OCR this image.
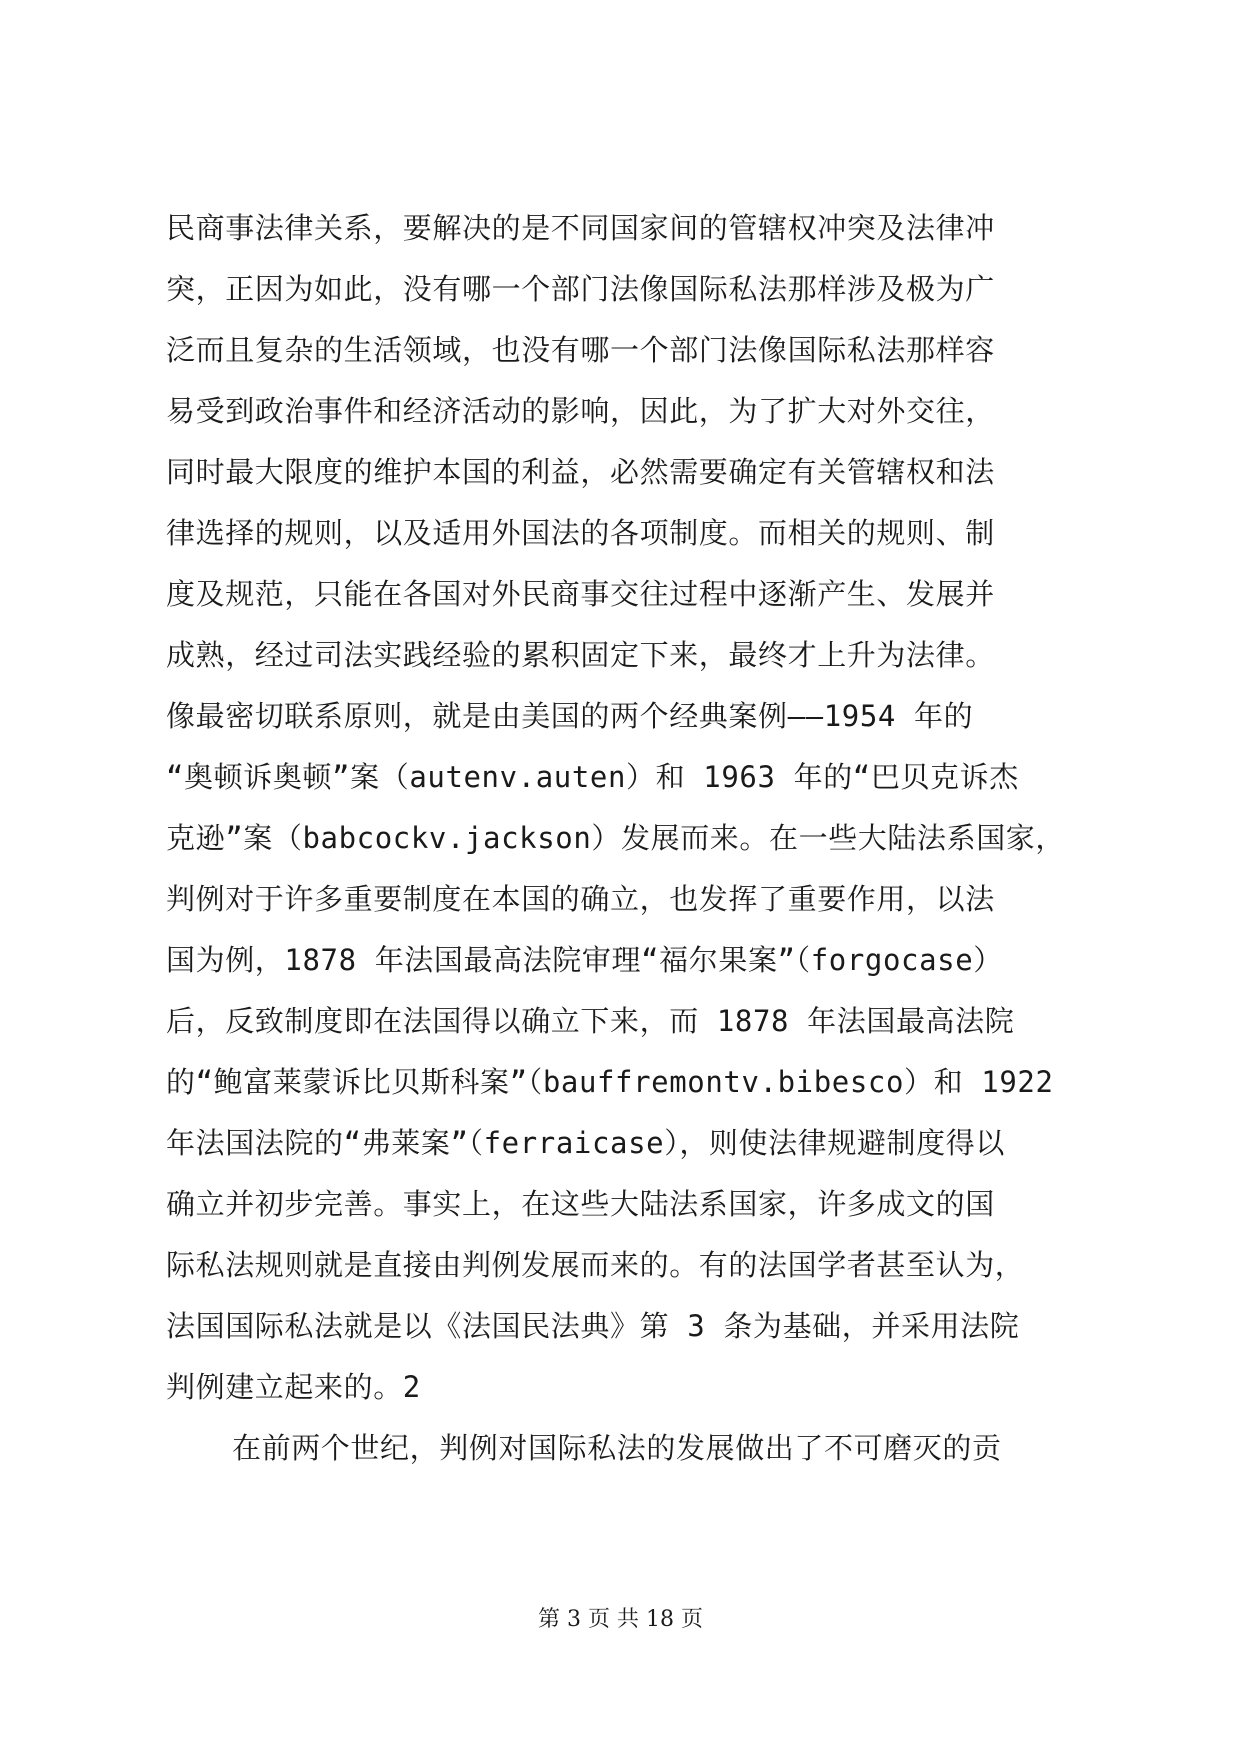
民商事法律关系，要解决的是不同国家间的管辖权冲突及法律冲
突，正因为如此，没有哪一个部门法像国际私法那样涉及极为广
泛而且复杂的生活领域，也没有哪一个部门法像国际私法那样容
易受到政治事件和经济活动的影响，因此，为了扩大对外交往，
同时最大限度的维护本国的利益，必然需要确定有关管辖权和法
律选择的规则，以及适用外国法的各项制度。而相关的规则、制
度及规范，只能在各国对外民商事交往过程中逐渐产生、发展并
成熟，经过司法实践经验的累积固定下来，最终才上升为法律。
像最密切联系原则，就是由美国的两个经典案例——1954 年的
“奥顿诉奥顿”案（autenv.auten）和 1963 年的“巴贝克诉杰
克逊”案（babcockv.jackson）发展而来。在一些大陆法系国家，
判例对于许多重要制度在本国的确立，也发挥了重要作用，以法
国为例，1878 年法国最高法院审理“福尔果案”（forgocase）
后，反致制度即在法国得以确立下来，而 1878 年法国最高法院
的“鲍富莱蒙诉比贝斯科案”（bauffremontv.bibesco）和 1922
年法国法院的“弗莱案”（ferraicase），则使法律规避制度得以
确立并初步完善。事实上，在这些大陆法系国家，许多成文的国
际私法规则就是直接由判例发展而来的。有的法国学者甚至认为，
法国国际私法就是以《法国民法典》第 3 条为基础，并采用法院
判例建立起来的。2
在前两个世纪，判例对国际私法的发展做出了不可磨灭的贡
第 3 页 共 18 页
